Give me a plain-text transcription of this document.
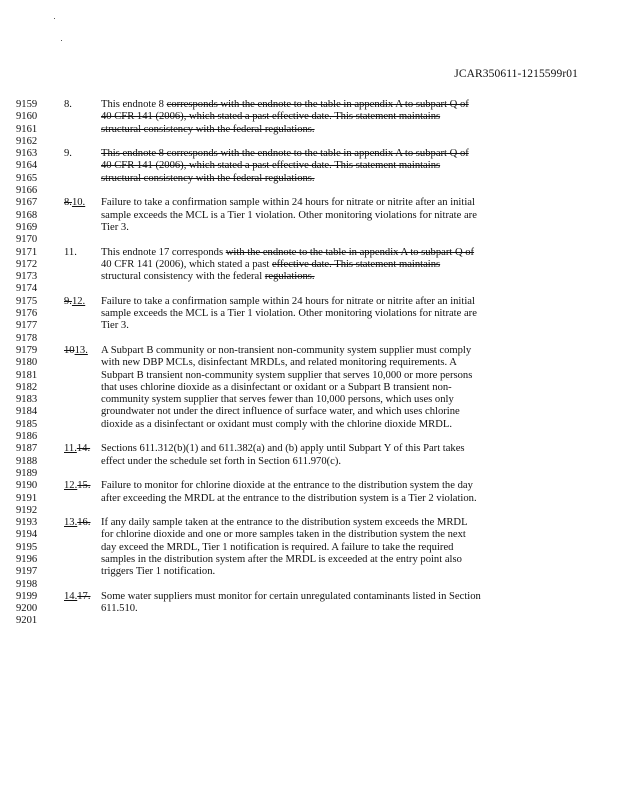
JCAR350611-1215599r01
9159	8.	This endnote 8 corresponds with the endnote to the table in appendix A to subpart Q of
9160	40 CFR 141 (2006), which stated a past effective date. This statement maintains
9161	structural consistency with the federal regulations.
9162
9163	9.	This endnote 8 corresponds with the endnote to the table in appendix A to subpart Q of
9164	40 CFR 141 (2006), which stated a past effective date. This statement maintains
9165	structural consistency with the federal regulations.
9166
9167	8.10. Failure to take a confirmation sample within 24 hours for nitrate or nitrite after an initial
9168	sample exceeds the MCL is a Tier 1 violation. Other monitoring violations for nitrate are
9169	Tier 3.
9170
9171	11. This endnote 17 corresponds with the endnote to the table in appendix A to subpart Q of
9172	40 CFR 141 (2006), which stated a past effective date. This statement maintains
9173	structural consistency with the federal regulations.
9174
9175	9.12. Failure to take a confirmation sample within 24 hours for nitrate or nitrite after an initial
9176	sample exceeds the MCL is a Tier 1 violation. Other monitoring violations for nitrate are
9177	Tier 3.
9178
9179	1013. A Subpart B community or non-transient non-community system supplier must comply
9180	with new DBP MCLs, disinfectant MRDLs, and related monitoring requirements. A
9181	Subpart B transient non-community system supplier that serves 10,000 or more persons
9182	that uses chlorine dioxide as a disinfectant or oxidant or a Subpart B transient non-
9183	community system supplier that serves fewer than 10,000 persons, which uses only
9184	groundwater not under the direct influence of surface water, and which uses chlorine
9185	dioxide as a disinfectant or oxidant must comply with the chlorine dioxide MRDL.
9186
9187	11.14. Sections 611.312(b)(1) and 611.382(a) and (b) apply until Subpart Y of this Part takes
9188	effect under the schedule set forth in Section 611.970(c).
9189
9190	12.15. Failure to monitor for chlorine dioxide at the entrance to the distribution system the day
9191	after exceeding the MRDL at the entrance to the distribution system is a Tier 2 violation.
9192
9193	13.16. If any daily sample taken at the entrance to the distribution system exceeds the MRDL
9194	for chlorine dioxide and one or more samples taken in the distribution system the next
9195	day exceed the MRDL, Tier 1 notification is required. A failure to take the required
9196	samples in the distribution system after the MRDL is exceeded at the entry point also
9197	triggers Tier 1 notification.
9198
9199	14.17. Some water suppliers must monitor for certain unregulated contaminants listed in Section
9200	611.510.
9201
